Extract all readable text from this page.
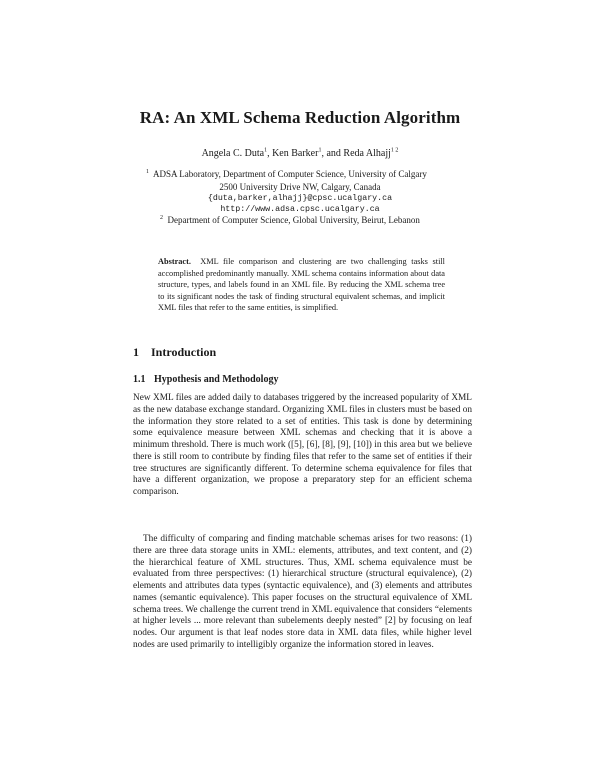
RA: An XML Schema Reduction Algorithm
Angela C. Duta$^1$, Ken Barker$^1$, and Reda Alhajj$^{1 2}$
$^1$ ADSA Laboratory, Department of Computer Science, University of Calgary
2500 University Drive NW, Calgary, Canada
{duta,barker,alhajj}@cpsc.ucalgary.ca
http://www.adsa.cpsc.ucalgary.ca
$^2$ Department of Computer Science, Global University, Beirut, Lebanon
Abstract. XML file comparison and clustering are two challenging tasks still accomplished predominantly manually. XML schema contains information about data structure, types, and labels found in an XML file. By reducing the XML schema tree to its significant nodes the task of finding structural equivalent schemas, and implicit XML files that refer to the same entities, is simplified.
1 Introduction
1.1 Hypothesis and Methodology
New XML files are added daily to databases triggered by the increased popularity of XML as the new database exchange standard. Organizing XML files in clusters must be based on the information they store related to a set of entities. This task is done by determining some equivalence measure between XML schemas and checking that it is above a minimum threshold. There is much work ([5], [6], [8], [9], [10]) in this area but we believe there is still room to contribute by finding files that refer to the same set of entities if their tree structures are significantly different. To determine schema equivalence for files that have a different organization, we propose a preparatory step for an efficient schema comparison.
The difficulty of comparing and finding matchable schemas arises for two reasons: (1) there are three data storage units in XML: elements, attributes, and text content, and (2) the hierarchical feature of XML structures. Thus, XML schema equivalence must be evaluated from three perspectives: (1) hierarchical structure (structural equivalence), (2) elements and attributes data types (syntactic equivalence), and (3) elements and attributes names (semantic equivalence). This paper focuses on the structural equivalence of XML schema trees. We challenge the current trend in XML equivalence that considers “elements at higher levels ... more relevant than subelements deeply nested” [2] by focusing on leaf nodes. Our argument is that leaf nodes store data in XML data files, while higher level nodes are used primarily to intelligibly organize the information stored in leaves.
